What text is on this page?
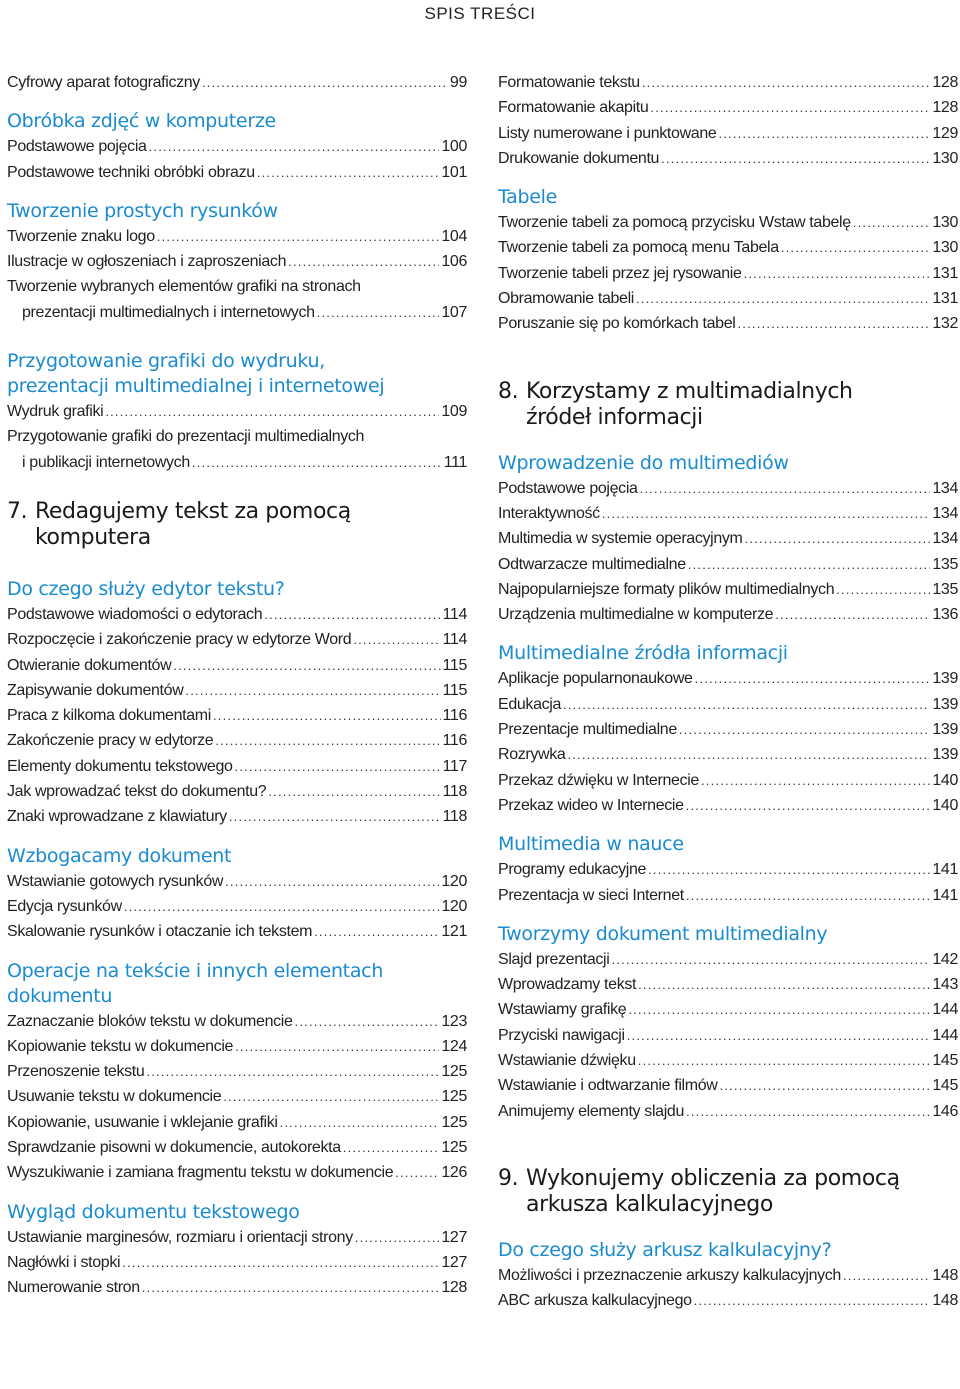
SPIS TREŚCI
Cyfrowy aparat fotograficzny .....	99
Obróbka zdjęć w komputerze
Podstawowe pojęcia .....	100
Podstawowe techniki obróbki obrazu .....	101
Tworzenie prostych rysunków
Tworzenie znaku logo .....	104
Ilustracje w ogłoszeniach i zaproszeniach .....	106
Tworzenie wybranych elementów grafiki na stronach
prezentacji multimedialnych i internetowych .....	107
Przygotowanie grafiki do wydruku,
prezentacji multimedialnej i internetowej
Wydruk grafiki .....	109
Przygotowanie grafiki do prezentacji multimedialnych
i publikacji internetowych .....	111
7. Redagujemy tekst za pomocą komputera
Do czego służy edytor tekstu?
Podstawowe wiadomości o edytorach .....	114
Rozpoczęcie i zakończenie pracy w edytorze Word .....	114
Otwieranie dokumentów .....	115
Zapisywanie dokumentów .....	115
Praca z kilkoma dokumentami .....	116
Zakończenie pracy w edytorze .....	116
Elementy dokumentu tekstowego .....	117
Jak wprowadzać tekst do dokumentu? .....	118
Znaki wprowadzane z klawiatury .....	118
Wzbogacamy dokument
Wstawianie gotowych rysunków .....	120
Edycja rysunków .....	120
Skalowanie rysunków i otaczanie ich tekstem .....	121
Operacje na tekście i innych elementach dokumentu
Zaznaczanie bloków tekstu w dokumencie .....	123
Kopiowanie tekstu w dokumencie .....	124
Przenoszenie tekstu .....	125
Usuwanie tekstu w dokumencie .....	125
Kopiowanie, usuwanie i wklejanie grafiki .....	125
Sprawdzanie pisowni w dokumencie, autokorekta .....	125
Wyszukiwanie i zamiana fragmentu tekstu w dokumencie .....	126
Wygląd dokumentu tekstowego
Ustawianie marginesów, rozmiaru i orientacji strony .....	127
Nagłówki i stopki .....	127
Numerowanie stron .....	128
Formatowanie tekstu .....	128
Formatowanie akapitu .....	128
Listy numerowane i punktowane .....	129
Drukowanie dokumentu .....	130
Tabele
Tworzenie tabeli za pomocą przycisku Wstaw tabelę .....	130
Tworzenie tabeli za pomocą menu Tabela .....	130
Tworzenie tabeli przez jej rysowanie .....	131
Obramowanie tabeli .....	131
Poruszanie się po komórkach tabel .....	132
8. Korzystamy z multimadialnych źródeł informacji
Wprowadzenie do multimediów
Podstawowe pojęcia .....	134
Interaktywność .....	134
Multimedia w systemie operacyjnym .....	134
Odtwarzacze multimedialne .....	135
Najpopularniejsze formaty plików multimedialnych .....	135
Urządzenia multimedialne w komputerze .....	136
Multimedialne źródła informacji
Aplikacje popularnonaukowe .....	139
Edukacja .....	139
Prezentacje multimedialne .....	139
Rozrywka .....	139
Przekaz dźwięku w Internecie .....	140
Przekaz wideo w Internecie .....	140
Multimedia w nauce
Programy edukacyjne .....	141
Prezentacja w sieci Internet .....	141
Tworzymy dokument multimedialny
Slajd prezentacji .....	142
Wprowadzamy tekst .....	143
Wstawiamy grafikę .....	144
Przyciski nawigacji .....	144
Wstawianie dźwięku .....	145
Wstawianie i odtwarzanie filmów .....	145
Animujemy elementy slajdu .....	146
9. Wykonujemy obliczenia za pomocą arkusza kalkulacyjnego
Do czego służy arkusz kalkulacyjny?
Możliwości i przeznaczenie arkuszy kalkulacyjnych .....	148
ABC arkusza kalkulacyjnego .....	148
